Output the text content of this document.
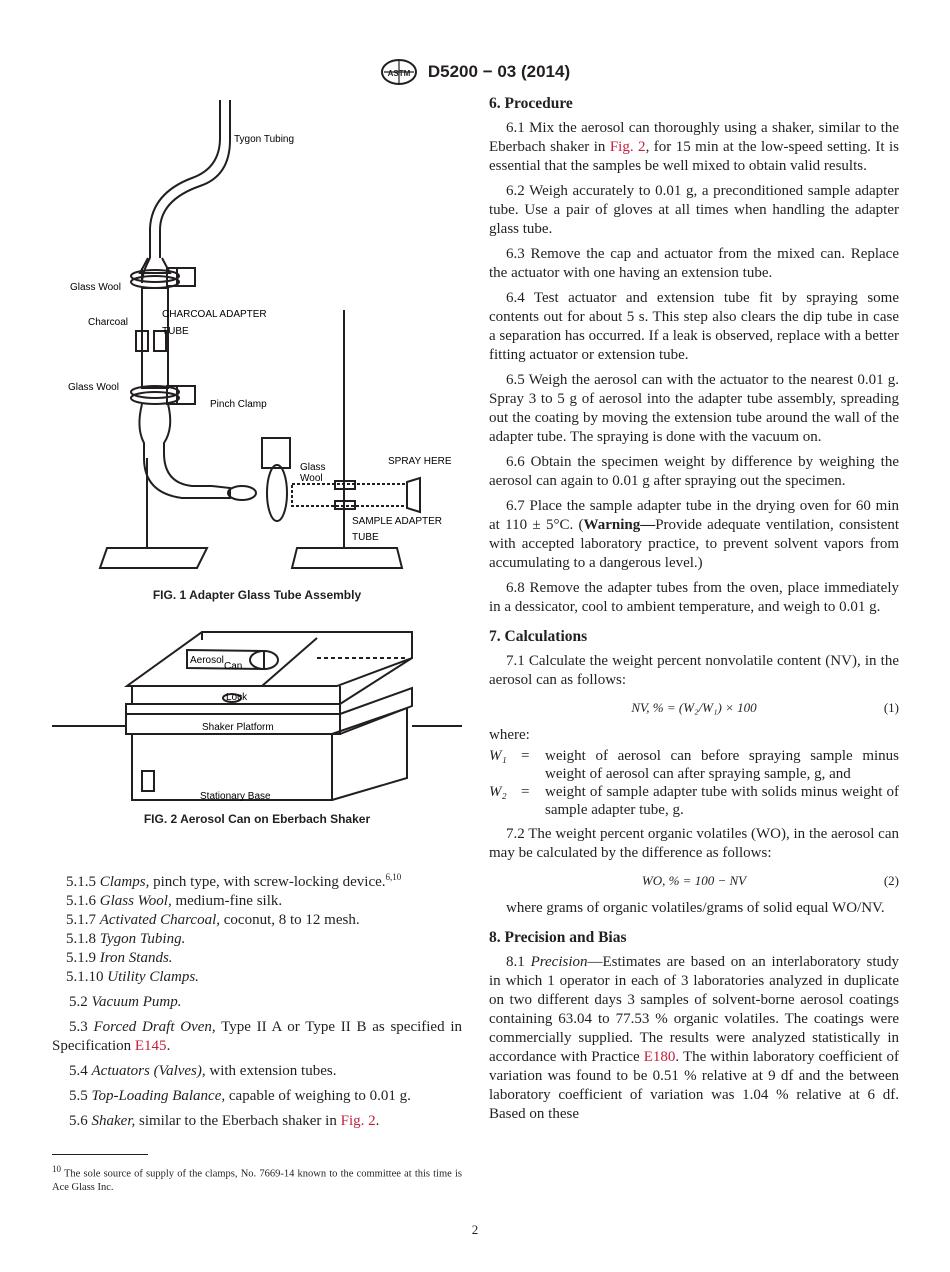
ASTM D5200 − 03 (2014)
Tygon Tubing
Glass Wool
Charcoal
CHARCOAL ADAPTER
TUBE
Glass Wool
Pinch Clamp
Glass
Wool
SPRAY HERE
SAMPLE ADAPTER
TUBE
FIG. 1 Adapter Glass Tube Assembly
Aerosol
Can
Lock
Shaker Platform
Stationary Base
FIG. 2 Aerosol Can on Eberbach Shaker

5.1.5 Clamps, pinch type, with screw-locking device.$^{6,10}$

5.1.6 Glass Wool, medium-fine silk.

5.1.7 Activated Charcoal, coconut, 8 to 12 mesh.

5.1.8 Tygon Tubing.

5.1.9 Iron Stands.

5.1.10 Utility Clamps.

5.2 Vacuum Pump.

5.3 Forced Draft Oven, Type II A or Type II B as specified in Specification E145.

5.4 Actuators (Valves), with extension tubes.

5.5 Top-Loading Balance, capable of weighing to 0.01 g.

5.6 Shaker, similar to the Eberbach shaker in Fig. 2.

$^{10}$ The sole source of supply of the clamps, No. 7669-14 known to the committee at this time is Ace Glass Inc.
6. Procedure

6.1 Mix the aerosol can thoroughly using a shaker, similar to the Eberbach shaker in Fig. 2, for 15 min at the low-speed setting. It is essential that the samples be well mixed to obtain valid results.

6.2 Weigh accurately to 0.01 g, a preconditioned sample adapter tube. Use a pair of gloves at all times when handling the adapter glass tube.

6.3 Remove the cap and actuator from the mixed can. Replace the actuator with one having an extension tube.

6.4 Test actuator and extension tube fit by spraying some contents out for about 5 s. This step also clears the dip tube in case a separation has occurred. If a leak is observed, replace with a better fitting actuator or extension tube.

6.5 Weigh the aerosol can with the actuator to the nearest 0.01 g. Spray 3 to 5 g of aerosol into the adapter tube assembly, spreading out the coating by moving the extension tube around the wall of the adapter tube. The spraying is done with the vacuum on.

6.6 Obtain the specimen weight by difference by weighing the aerosol can again to 0.01 g after spraying out the specimen.

6.7 Place the sample adapter tube in the drying oven for 60 min at 110 ± 5°C. (Warning—Provide adequate ventilation, consistent with accepted laboratory practice, to prevent solvent vapors from accumulating to a dangerous level.)

6.8 Remove the adapter tubes from the oven, place immediately in a dessicator, cool to ambient temperature, and weigh to 0.01 g.

7. Calculations

7.1 Calculate the weight percent nonvolatile content (NV), in the aerosol can as follows:

NV, % = (W₂/W₁) × 100	(1)

where:

W₁ =	weight of aerosol can before spraying sample minus weight of aerosol can after spraying sample, g, and
W₂ =	weight of sample adapter tube with solids minus weight of sample adapter tube, g.

7.2 The weight percent organic volatiles (WO), in the aerosol can may be calculated by the difference as follows:

WO, % = 100 − NV	(2)

where grams of organic volatiles/grams of solid equal WO/NV.

8. Precision and Bias

8.1 Precision—Estimates are based on an interlaboratory study in which 1 operator in each of 3 laboratories analyzed in duplicate on two different days 3 samples of solvent-borne aerosol coatings containing 63.04 to 77.53 % organic volatiles. The coatings were commercially supplied. The results were analyzed statistically in accordance with Practice E180. The within laboratory coefficient of variation was found to be 0.51 % relative at 9 df and the between laboratory coefficient of variation was 1.04 % relative at 6 df. Based on these

2
